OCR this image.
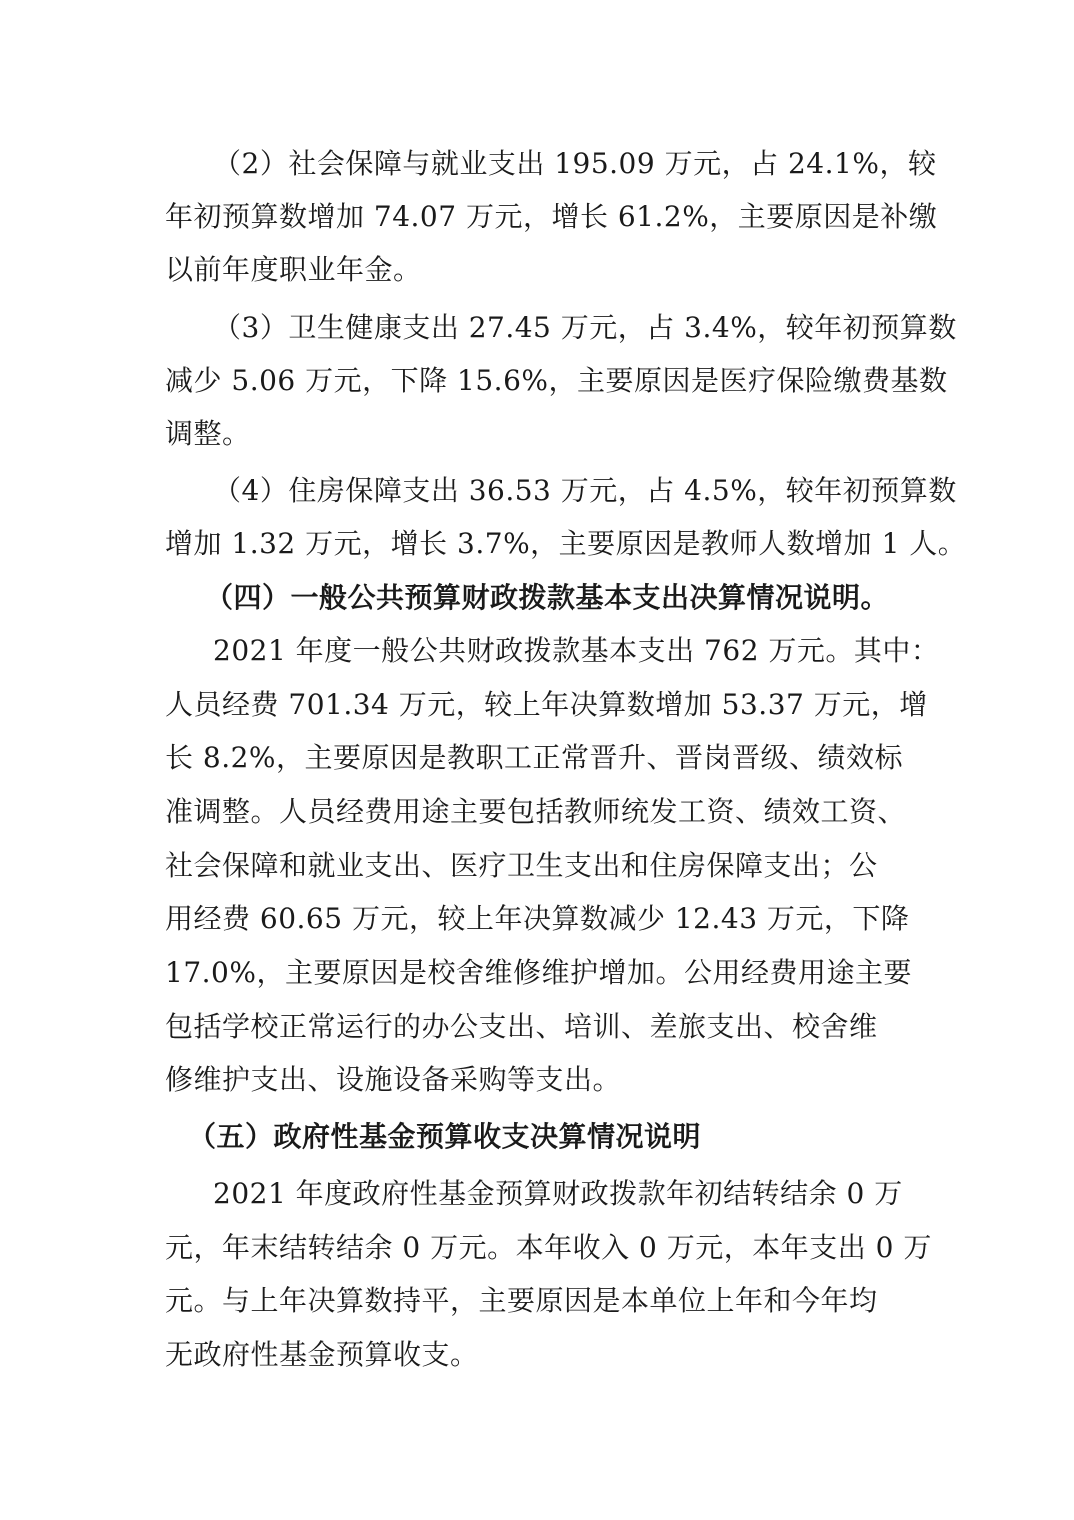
（2）社会保障与就业支出 195.09 万元，占 24.1%，较
年初预算数增加 74.07 万元，增长 61.2%，主要原因是补缴
以前年度职业年金。
（3）卫生健康支出 27.45 万元，占 3.4%，较年初预算数
减少 5.06 万元，下降 15.6%，主要原因是医疗保险缴费基数
调整。
（4）住房保障支出 36.53 万元，占 4.5%，较年初预算数
增加 1.32 万元，增长 3.7%，主要原因是教师人数增加 1 人。
（四）一般公共预算财政拨款基本支出决算情况说明。
2021 年度一般公共财政拨款基本支出 762 万元。其中：
人员经费 701.34 万元，较上年决算数增加 53.37 万元，增
长 8.2%，主要原因是教职工正常晋升、晋岗晋级、绩效标
准调整。人员经费用途主要包括教师统发工资、绩效工资、
社会保障和就业支出、医疗卫生支出和住房保障支出；公
用经费 60.65 万元，较上年决算数减少 12.43 万元，下降
17.0%，主要原因是校舍维修维护增加。公用经费用途主要
包括学校正常运行的办公支出、培训、差旅支出、校舍维
修维护支出、设施设备采购等支出。
（五）政府性基金预算收支决算情况说明
2021 年度政府性基金预算财政拨款年初结转结余 0 万
元，年末结转结余 0 万元。本年收入 0 万元，本年支出 0 万
元。与上年决算数持平，主要原因是本单位上年和今年均
无政府性基金预算收支。
